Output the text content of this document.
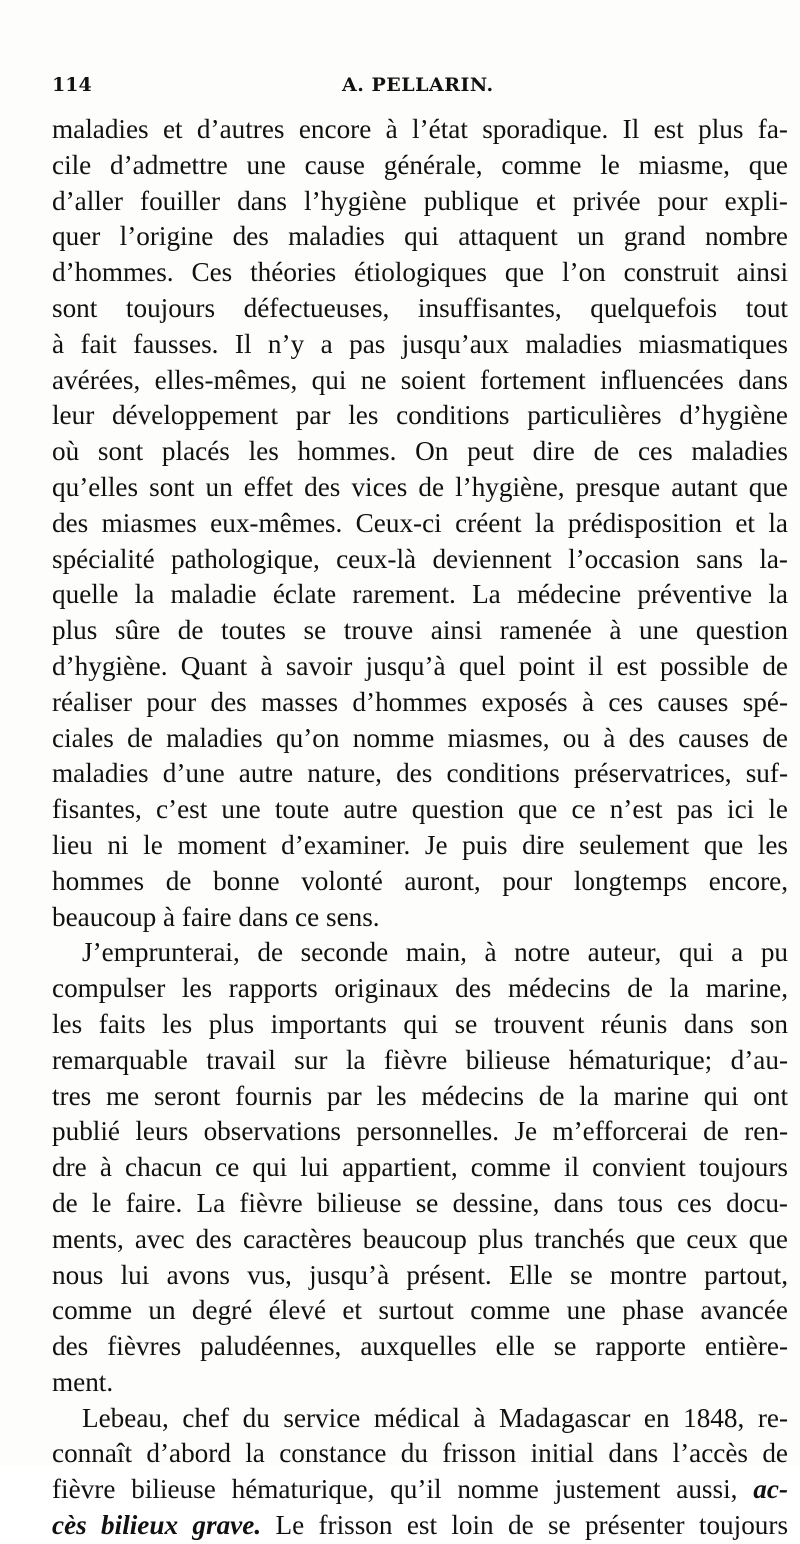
114	A. PELLARIN.
maladies et d’autres encore à l’état sporadique. Il est plus fa-
cile d’admettre une cause générale, comme le miasme, que
d’aller fouiller dans l’hygiène publique et privée pour expli-
quer l’origine des maladies qui attaquent un grand nombre
d’hommes. Ces théories étiologiques que l’on construit ainsi
sont toujours défectueuses, insuffisantes, quelquefois tout
à fait fausses. Il n’y a pas jusqu’aux maladies miasmatiques
avérées, elles-mêmes, qui ne soient fortement influencées dans
leur développement par les conditions particulières d’hygiène
où sont placés les hommes. On peut dire de ces maladies
qu’elles sont un effet des vices de l’hygiène, presque autant que
des miasmes eux-mêmes. Ceux-ci créent la prédisposition et la
spécialité pathologique, ceux-là deviennent l’occasion sans la-
quelle la maladie éclate rarement. La médecine préventive la
plus sûre de toutes se trouve ainsi ramenée à une question
d’hygiène. Quant à savoir jusqu’à quel point il est possible de
réaliser pour des masses d’hommes exposés à ces causes spé-
ciales de maladies qu’on nomme miasmes, ou à des causes de
maladies d’une autre nature, des conditions préservatrices, suf-
fisantes, c’est une toute autre question que ce n’est pas ici le
lieu ni le moment d’examiner. Je puis dire seulement que les
hommes de bonne volonté auront, pour longtemps encore,
beaucoup à faire dans ce sens.
J’emprunterai, de seconde main, à notre auteur, qui a pu
compulser les rapports originaux des médecins de la marine,
les faits les plus importants qui se trouvent réunis dans son
remarquable travail sur la fièvre bilieuse hématurique; d’au-
tres me seront fournis par les médecins de la marine qui ont
publié leurs observations personnelles. Je m’efforcerai de ren-
dre à chacun ce qui lui appartient, comme il convient toujours
de le faire. La fièvre bilieuse se dessine, dans tous ces docu-
ments, avec des caractères beaucoup plus tranchés que ceux que
nous lui avons vus, jusqu’à présent. Elle se montre partout,
comme un degré élevé et surtout comme une phase avancée
des fièvres paludéennes, auxquelles elle se rapporte entière-
ment.
Lebeau, chef du service médical à Madagascar en 1848, re-
connaît d’abord la constance du frisson initial dans l’accès de
fièvre bilieuse hématurique, qu’il nomme justement aussi, ac-
cès bilieux grave. Le frisson est loin de se présenter toujours
